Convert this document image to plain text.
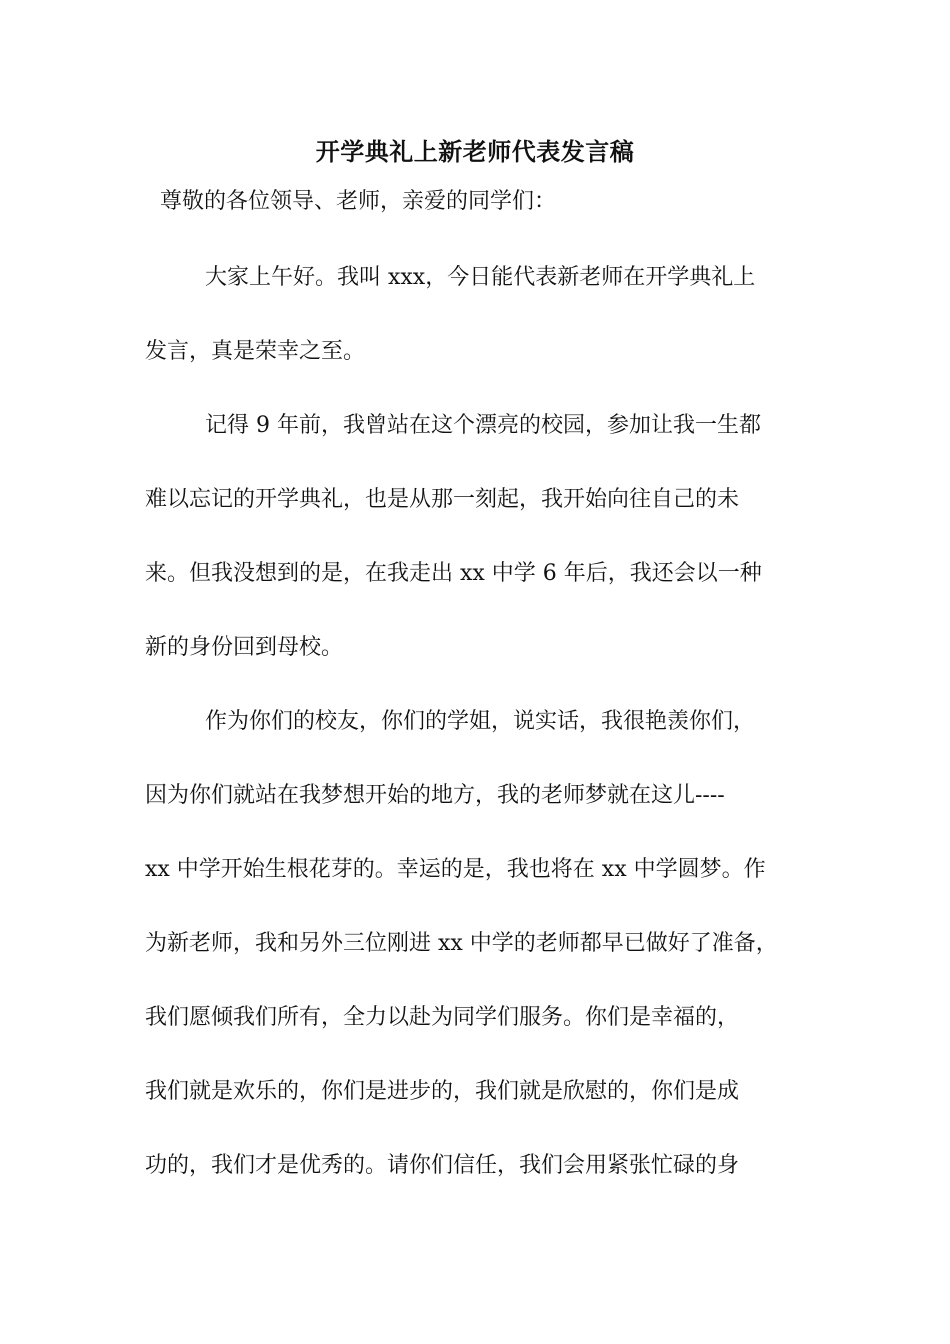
开学典礼上新老师代表发言稿
尊敬的各位领导、老师，亲爱的同学们：
大家上午好。我叫 xxx，今日能代表新老师在开学典礼上
发言，真是荣幸之至。
记得 9 年前，我曾站在这个漂亮的校园，参加让我一生都
难以忘记的开学典礼，也是从那一刻起，我开始向往自己的未
来。但我没想到的是，在我走出 xx 中学 6 年后，我还会以一种
新的身份回到母校。
作为你们的校友，你们的学姐，说实话，我很艳羡你们，
因为你们就站在我梦想开始的地方，我的老师梦就在这儿----
xx 中学开始生根花芽的。幸运的是，我也将在 xx 中学圆梦。作
为新老师，我和另外三位刚进 xx 中学的老师都早已做好了准备，
我们愿倾我们所有，全力以赴为同学们服务。你们是幸福的，
我们就是欢乐的，你们是进步的，我们就是欣慰的，你们是成
功的，我们才是优秀的。请你们信任，我们会用紧张忙碌的身
